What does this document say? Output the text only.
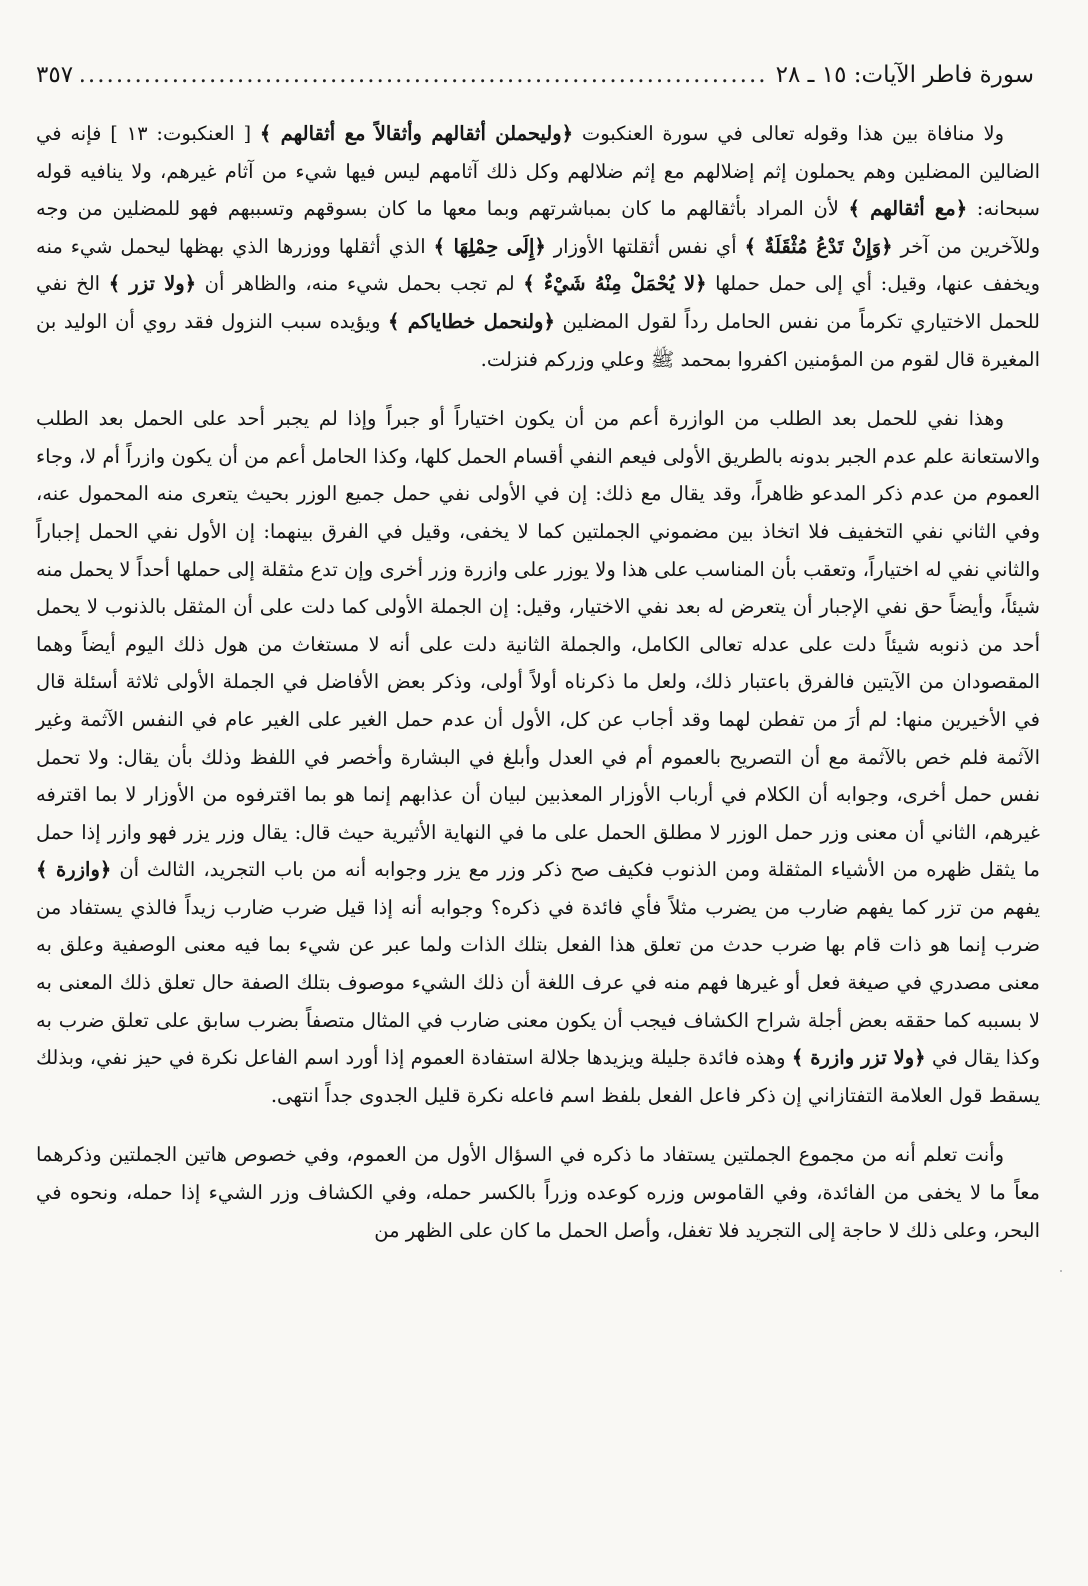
سورة فاطر الآيات: ١٥ ـ ٢٨
.....
٣٥٧

ولا منافاة بين هذا وقوله تعالى في سورة العنكبوت ﴿وليحملن أثقالهم وأثقالاً مع أثقالهم ﴾ [ العنكبوت: ١٣ ] فإنه في الضالين المضلين وهم يحملون إثم إضلالهم مع إثم ضلالهم وكل ذلك آثامهم ليس فيها شيء من آثام غيرهم، ولا ينافيه قوله سبحانه: ﴿مع أثقالهم ﴾ لأن المراد بأثقالهم ما كان بمباشرتهم وبما معها ما كان بسوقهم وتسببهم فهو للمضلين من وجه وللآخرين من آخر ﴿وَإِنْ تَدْعُ مُثْقَلَةٌ ﴾ أي نفس أثقلتها الأوزار ﴿إِلَى حِمْلِهَا ﴾ الذي أثقلها ووزرها الذي بهظها ليحمل شيء منه ويخفف عنها، وقيل: أي إلى حمل حملها ﴿لا يُحْمَلْ مِنْهُ شَيْءٌ ﴾ لم تجب بحمل شيء منه، والظاهر أن ﴿ولا تزر ﴾ الخ نفي للحمل الاختياري تكرماً من نفس الحامل رداً لقول المضلين ﴿ولنحمل خطايا‌كم ﴾ ويؤيده سبب النزول فقد روي أن الوليد بن المغيرة قال لقوم من المؤمنين اكفروا بمحمد ﷺ وعلي وزركم فنزلت.

وهذا نفي للحمل بعد الطلب من الوازرة أعم من أن يكون اختياراً أو جبراً وإذا لم يجبر أحد على الحمل بعد الطلب والاستعانة علم عدم الجبر بدونه بالطريق الأولى فيعم النفي أقسام الحمل كلها، وكذا الحامل أعم من أن يكون وازراً أم لا، وجاء العموم من عدم ذكر المدعو ظاهراً، وقد يقال مع ذلك: إن في الأولى نفي حمل جميع الوزر بحيث يتعرى منه المحمول عنه، وفي الثاني نفي التخفيف فلا اتخاذ بين مضموني الجملتين كما لا يخفى، وقيل في الفرق بينهما: إن الأول نفي الحمل إجباراً والثاني نفي له اختياراً، وتعقب بأن المناسب على هذا ولا يوزر على وازرة وزر أخرى وإن تدع مثقلة إلى حملها أحداً لا يحمل منه شيئاً، وأيضاً حق نفي الإجبار أن يتعرض له بعد نفي الاختيار، وقيل: إن الجملة الأولى كما دلت على أن المثقل بالذنوب لا يحمل أحد من ذنوبه شيئاً دلت على عدله تعالى الكامل، والجملة الثانية دلت على أنه لا مستغاث من هول ذلك اليوم أيضاً وهما المقصودان من الآيتين فالفرق باعتبار ذلك، ولعل ما ذكرناه أولاً أولى، وذكر بعض الأفاضل في الجملة الأولى ثلاثة أسئلة قال في الأخيرين منها: لم أرَ من تفطن لهما وقد أجاب عن كل، الأول أن عدم حمل الغير على الغير عام في النفس الآثمة وغير الآثمة فلم خص بالآثمة مع أن التصريح بالعموم أم في العدل وأبلغ في البشارة وأخصر في اللفظ وذلك بأن يقال: ولا تحمل نفس حمل أخرى، وجوابه أن الكلام في أرباب الأوزار المعذبين لبيان أن عذابهم إنما هو بما اقترفوه من الأوزار لا بما اقترفه غيرهم، الثاني أن معنى وزر حمل الوزر لا مطلق الحمل على ما في النهاية الأثيرية حيث قال: يقال وزر يزر فهو وازر إذا حمل ما يثقل ظهره من الأشياء المثقلة ومن الذنوب فكيف صح ذكر وزر مع يزر وجوابه أنه من باب التجريد، الثالث أن ﴿وازرة ﴾ يفهم من تزر كما يفهم ضارب من يضرب مثلاً فأي فائدة في ذكره؟ وجوابه أنه إذا قيل ضرب ضارب زيداً فالذي يستفاد من ضرب إنما هو ذات قام بها ضرب حدث من تعلق هذا الفعل بتلك الذات ولما عبر عن شيء بما فيه معنى الوصفية وعلق به معنى مصدري في صيغة فعل أو غيرها فهم منه في عرف اللغة أن ذلك الشيء موصوف بتلك الصفة حال تعلق ذلك المعنى به لا بسببه كما حققه بعض أجلة شراح الكشاف فيجب أن يكون معنى ضارب في المثال متصفاً بضرب سابق على تعلق ضرب به وكذا يقال في ﴿ولا تزر وازرة ﴾ وهذه فائدة جليلة ويزيدها جلالة استفادة العموم إذا أورد اسم الفاعل نكرة في حيز نفي، وبذلك يسقط قول العلامة التفتازاني إن ذكر فاعل الفعل بلفظ اسم فاعله نكرة قليل الجدوى جداً انتهى.

وأنت تعلم أنه من مجموع الجملتين يستفاد ما ذكره في السؤال الأول من العموم، وفي خصوص هاتين الجملتين وذكرهما معاً ما لا يخفى من الفائدة، وفي القاموس وزره كوعده وزراً بالكسر حمله، وفي الكشاف وزر الشيء إذا حمله، ونحوه في البحر، وعلى ذلك لا حاجة إلى التجريد فلا تغفل، وأصل الحمل ما كان على الظهر من
